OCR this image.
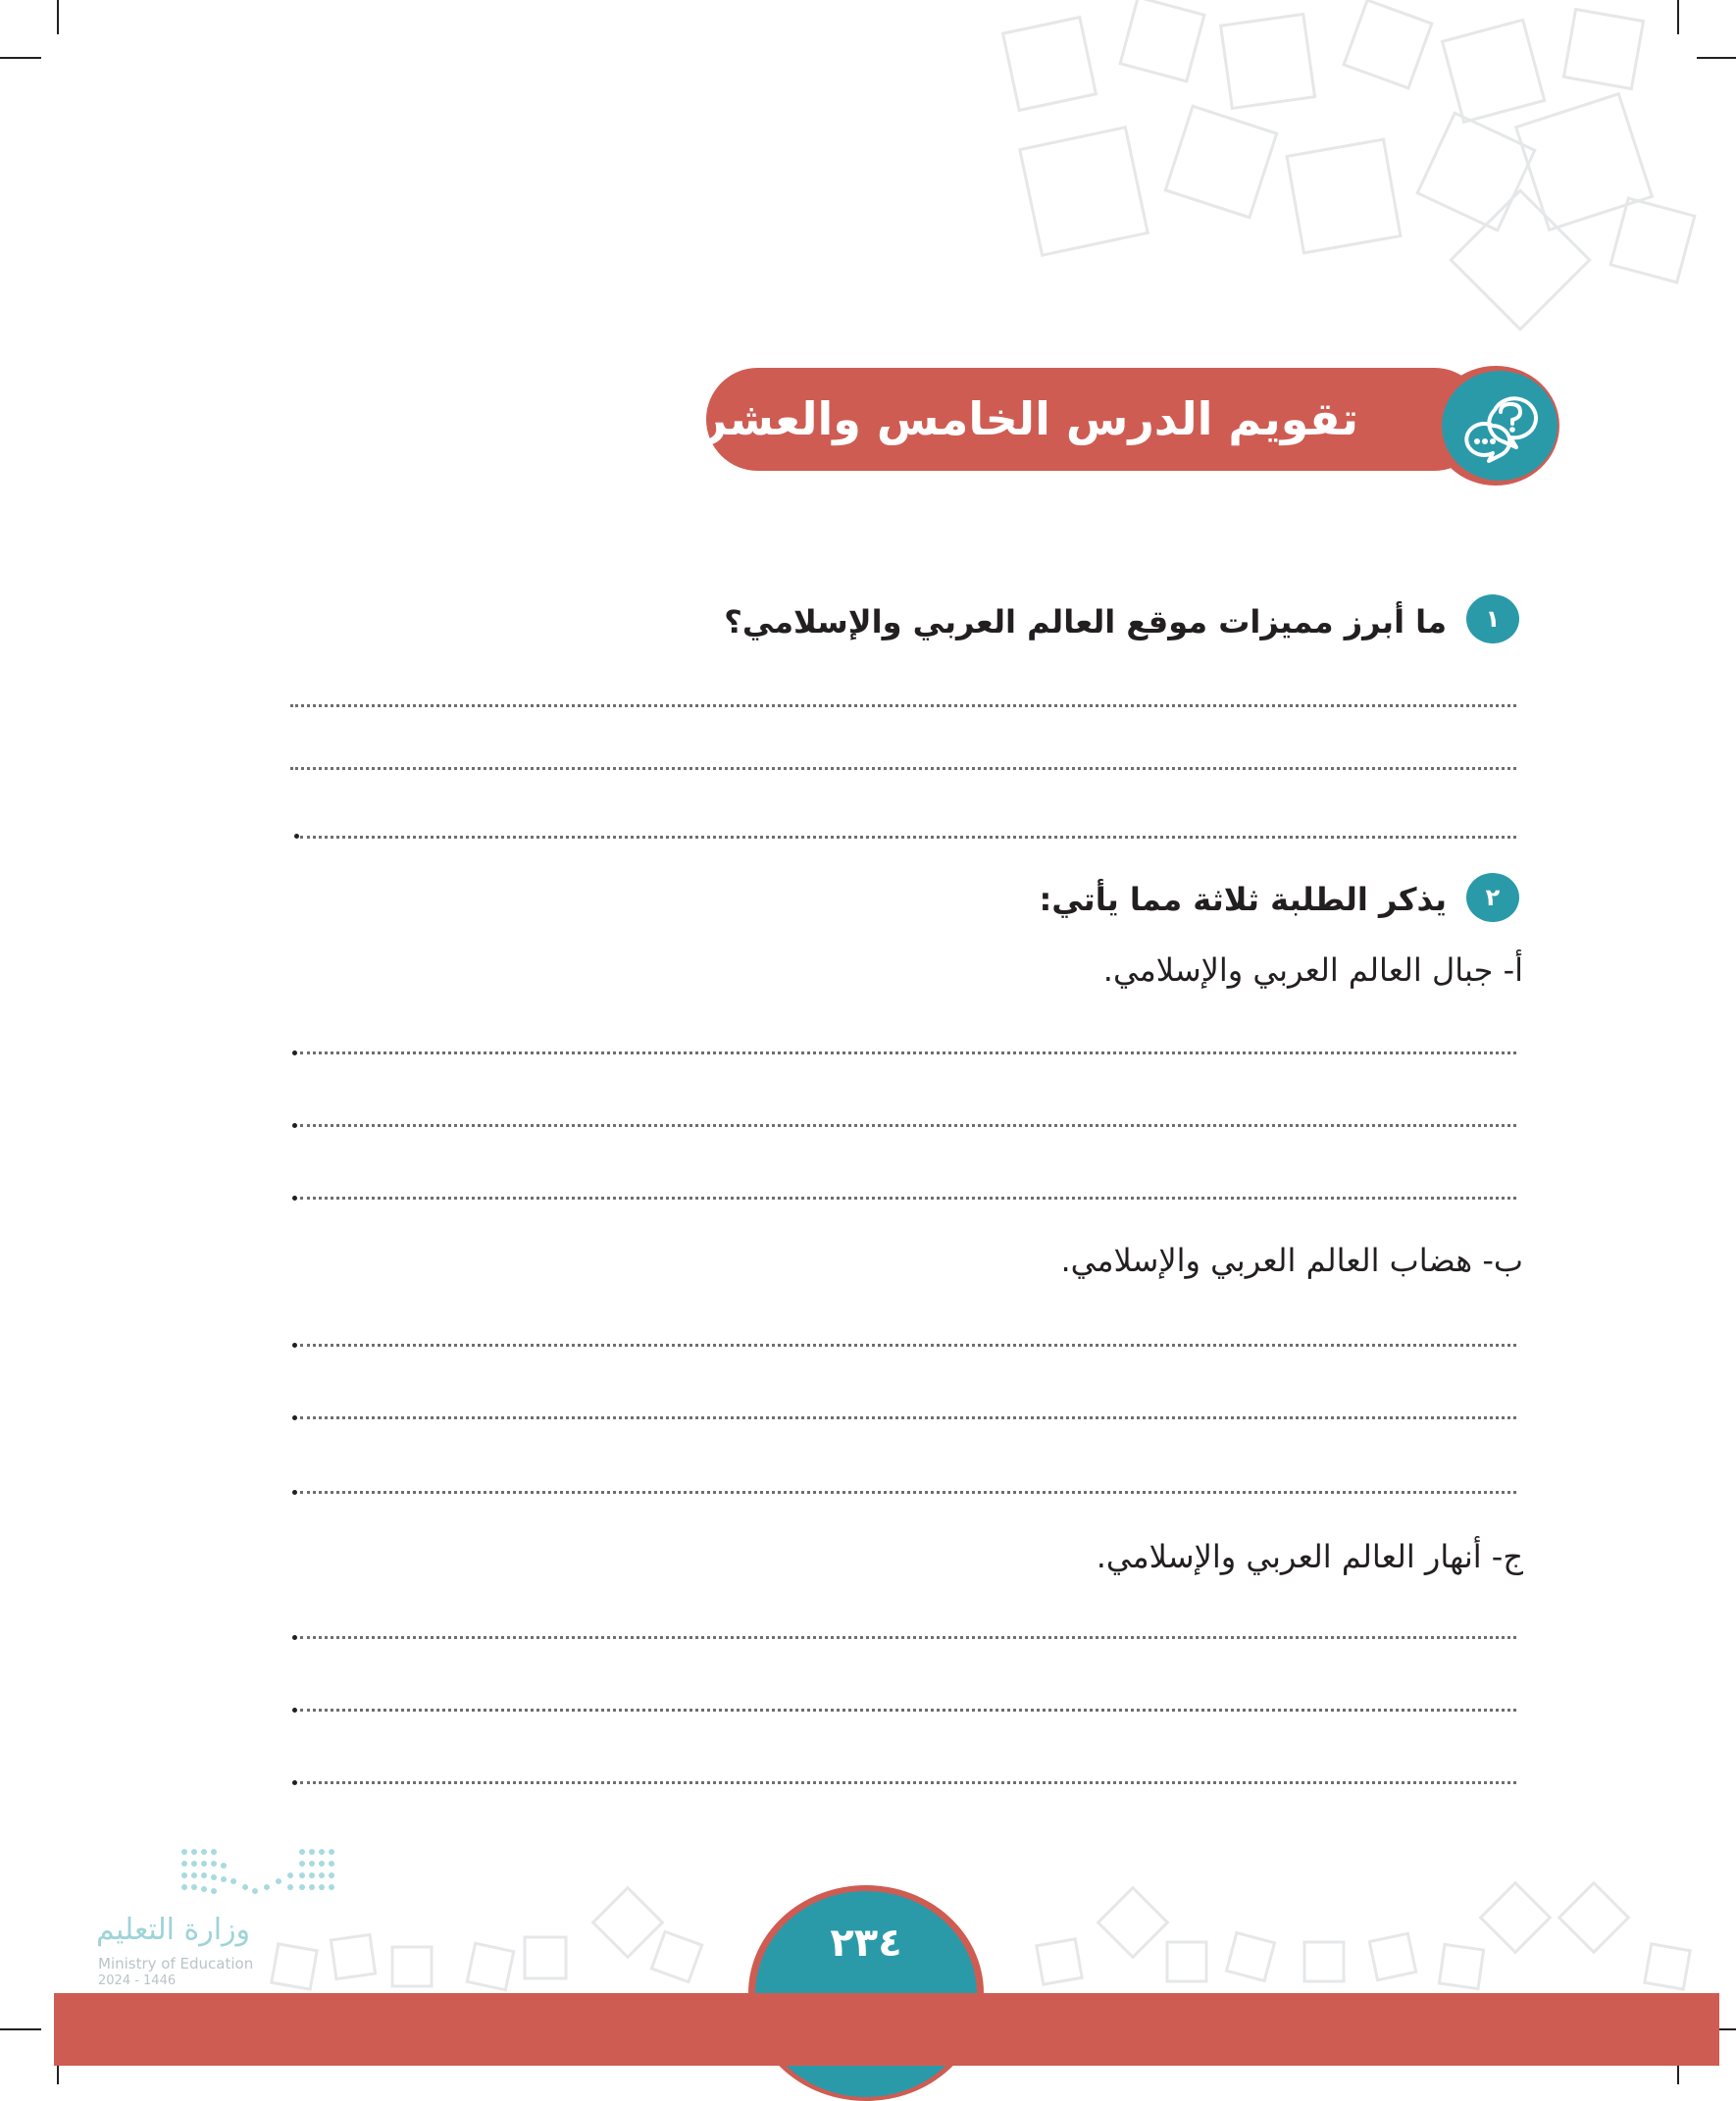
تقويم الدرس الخامس والعشرين
١
ما أبرز مميزات موقع العالم العربي والإسلامي؟
٢
يذكر الطلبة ثلاثة مما يأتي:
أ- جبال العالم العربي والإسلامي.
ب- هضاب العالم العربي والإسلامي.
ج- أنهار العالم العربي والإسلامي.
وزارة التعليم
Ministry of Education
2024 - 1446
٢٣٤
